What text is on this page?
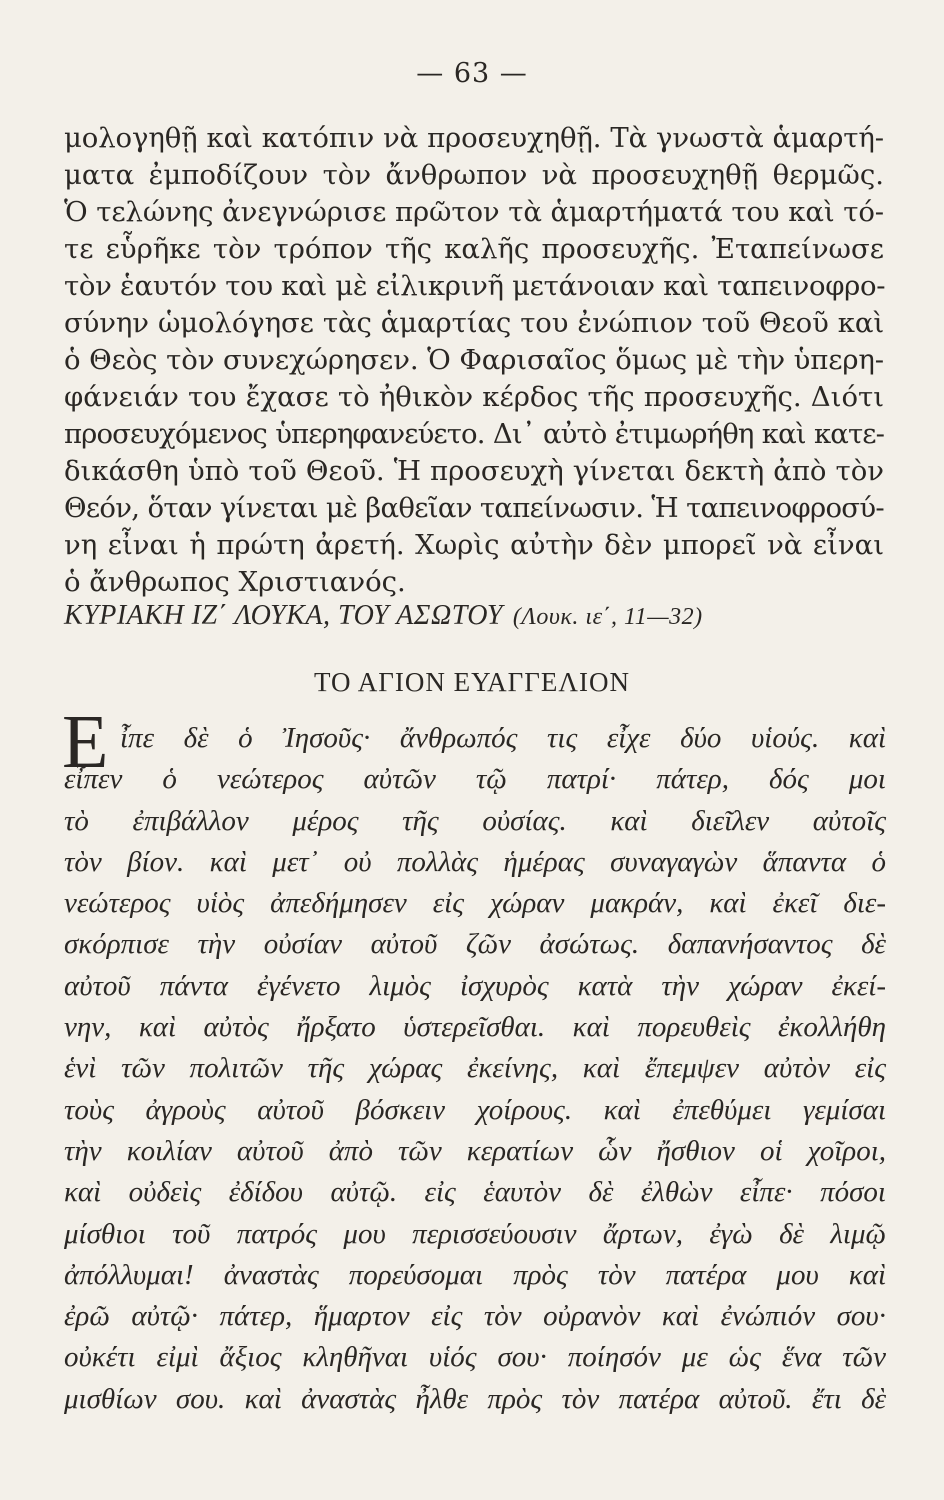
— 63 —
μολογηθῇ καὶ κατόπιν νὰ προσευχηθῇ. Τὰ γνωστὰ ἁμαρτή-
ματα ἐμποδίζουν τὸν ἄνθρωπον νὰ προσευχηθῇ θερμῶς.
Ὁ τελώνης ἀνεγνώρισε πρῶτον τὰ ἁμαρτήματά του καὶ τό-
τε εὗρῆκε τὸν τρόπον τῆς καλῆς προσευχῆς. Ἐταπείνωσε
τὸν ἑαυτόν του καὶ μὲ εἰλικρινῆ μετάνοιαν καὶ ταπεινοφρο-
σύνην ὡμολόγησε τὰς ἁμαρτίας του ἐνώπιον τοῦ Θεοῦ καὶ
ὁ Θεὸς τὸν συνεχώρησεν. Ὁ Φαρισαῖος ὅμως μὲ τὴν ὑπερη-
φάνειάν του ἔχασε τὸ ἠθικὸν κέρδος τῆς προσευχῆς. Διότι
προσευχόμενος ὑπερηφανεύετο. Δι᾿ αὐτὸ ἐτιμωρήθη καὶ κατε-
δικάσθη ὑπὸ τοῦ Θεοῦ. Ἡ προσευχὴ γίνεται δεκτὴ ἀπὸ τὸν
Θεόν, ὅταν γίνεται μὲ βαθεῖαν ταπείνωσιν. Ἡ ταπεινοφροσύ-
νη εἶναι ἡ πρώτη ἀρετή. Χωρὶς αὐτὴν δὲν μπορεῖ νὰ εἶναι
ὁ ἄνθρωπος Χριστιανός.
ΚΥΡΙΑΚΗ ΙΖ΄ ΛΟΥΚΑ, ΤΟΥ ΑΣΩΤΟΥ (Λουκ. ιε΄, 11—32)
ΤΟ ΑΓΙΟΝ ΕΥΑΓΓΕΛΙΟΝ
Ε ἶπε δὲ ὁ Ἰησοῦς· ἄνθρωπός τις εἶχε δύο υἱούς. καὶ
εἶπεν ὁ νεώτερος αὐτῶν τῷ πατρί· πάτερ, δός μοι
τὸ ἐπιβάλλον μέρος τῆς οὐσίας. καὶ διεῖλεν αὐτοῖς
τὸν βίον. καὶ μετ᾿ οὐ πολλὰς ἡμέρας συναγαγὼν ἅπαντα ὁ
νεώτερος υἱὸς ἀπεδήμησεν εἰς χώραν μακράν, καὶ ἐκεῖ διε-
σκόρπισε τὴν οὐσίαν αὐτοῦ ζῶν ἀσώτως. δαπανήσαντος δὲ
αὐτοῦ πάντα ἐγένετο λιμὸς ἰσχυρὸς κατὰ τὴν χώραν ἐκεί-
νην, καὶ αὐτὸς ἤρξατο ὑστερεῖσθαι. καὶ πορευθεὶς ἐκολλήθη
ἑνὶ τῶν πολιτῶν τῆς χώρας ἐκείνης, καὶ ἔπεμψεν αὐτὸν εἰς
τοὺς ἀγροὺς αὐτοῦ βόσκειν χοίρους. καὶ ἐπεθύμει γεμίσαι
τὴν κοιλίαν αὐτοῦ ἀπὸ τῶν κερατίων ὧν ἤσθιον οἱ χοῖροι,
καὶ οὐδεὶς ἐδίδου αὐτῷ. εἰς ἑαυτὸν δὲ ἐλθὼν εἶπε· πόσοι
μίσθιοι τοῦ πατρός μου περισσεύουσιν ἄρτων, ἐγὼ δὲ λιμῷ
ἀπόλλυμαι! ἀναστὰς πορεύσομαι πρὸς τὸν πατέρα μου καὶ
ἐρῶ αὐτῷ· πάτερ, ἥμαρτον εἰς τὸν οὐρανὸν καὶ ἐνώπιόν σου·
οὐκέτι εἰμὶ ἄξιος κληθῆναι υἱός σου· ποίησόν με ὡς ἕνα τῶν
μισθίων σου. καὶ ἀναστὰς ἦλθε πρὸς τὸν πατέρα αὐτοῦ. ἔτι δὲ
